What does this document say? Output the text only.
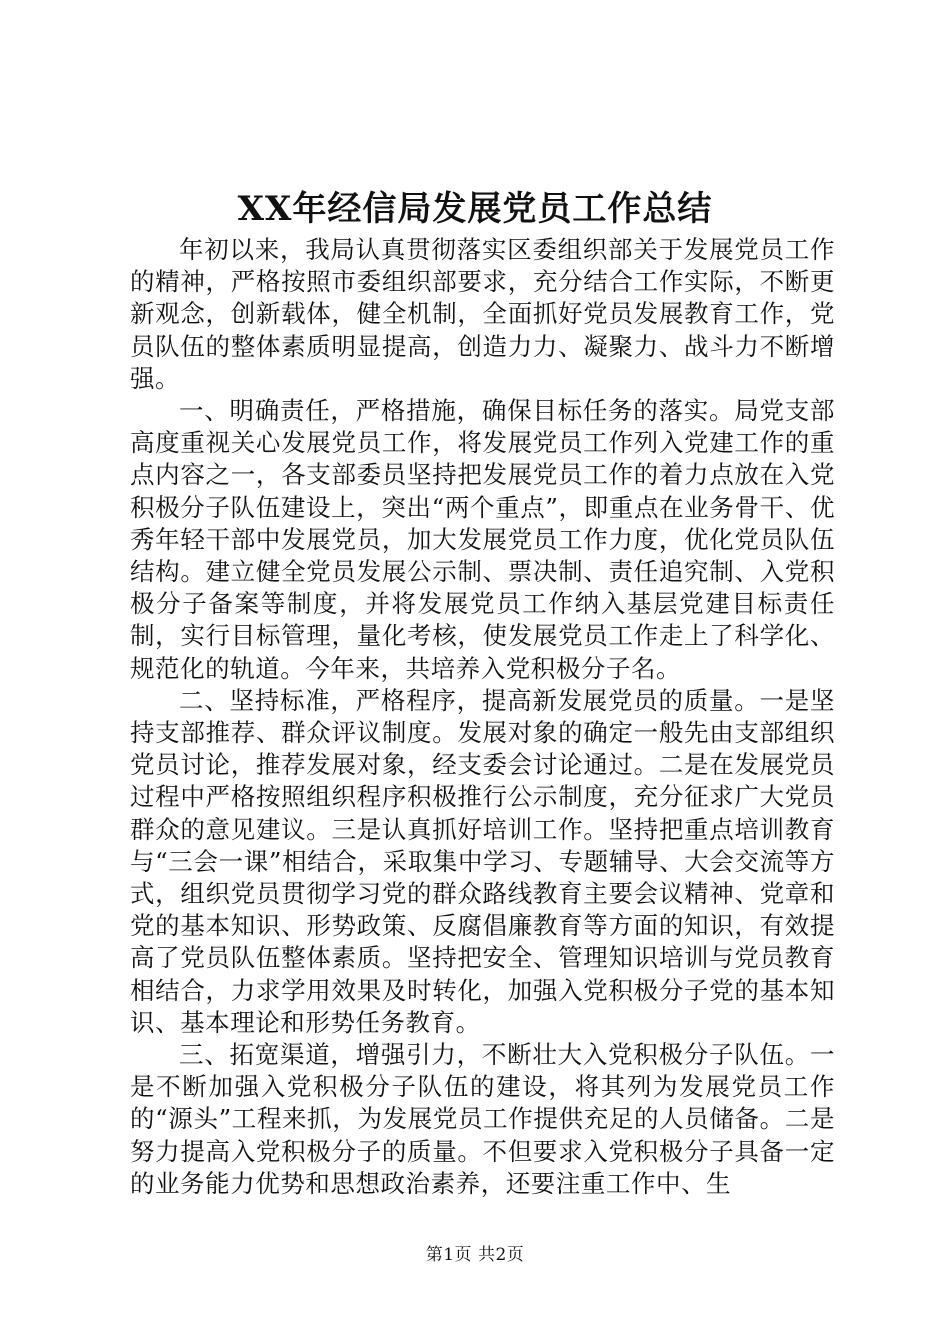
XX年经信局发展党员工作总结

年初以来，我局认真贯彻落实区委组织部关于发展党员工作的精神，严格按照市委组织部要求，充分结合工作实际，不断更新观念，创新载体，健全机制，全面抓好党员发展教育工作，党员队伍的整体素质明显提高，创造力力、凝聚力、战斗力不断增强。

一、明确责任，严格措施，确保目标任务的落实。局党支部高度重视关心发展党员工作，将发展党员工作列入党建工作的重点内容之一，各支部委员坚持把发展党员工作的着力点放在入党积极分子队伍建设上，突出“两个重点”，即重点在业务骨干、优秀年轻干部中发展党员，加大发展党员工作力度，优化党员队伍结构。建立健全党员发展公示制、票决制、责任追究制、入党积极分子备案等制度，并将发展党员工作纳入基层党建目标责任制，实行目标管理，量化考核，使发展党员工作走上了科学化、规范化的轨道。今年来，共培养入党积极分子名。

二、坚持标准，严格程序，提高新发展党员的质量。一是坚持支部推荐、群众评议制度。发展对象的确定一般先由支部组织党员讨论，推荐发展对象，经支委会讨论通过。二是在发展党员过程中严格按照组织程序积极推行公示制度，充分征求广大党员群众的意见建议。三是认真抓好培训工作。坚持把重点培训教育与“三会一课”相结合，采取集中学习、专题辅导、大会交流等方式，组织党员贯彻学习党的群众路线教育主要会议精神、党章和党的基本知识、形势政策、反腐倡廉教育等方面的知识，有效提高了党员队伍整体素质。坚持把安全、管理知识培训与党员教育相结合，力求学用效果及时转化，加强入党积极分子党的基本知识、基本理论和形势任务教育。

三、拓宽渠道，增强引力，不断壮大入党积极分子队伍。一是不断加强入党积极分子队伍的建设，将其列为发展党员工作的“源头”工程来抓，为发展党员工作提供充足的人员储备。二是努力提高入党积极分子的质量。不但要求入党积极分子具备一定的业务能力优势和思想政治素养，还要注重工作中、生

第1页 共2页
